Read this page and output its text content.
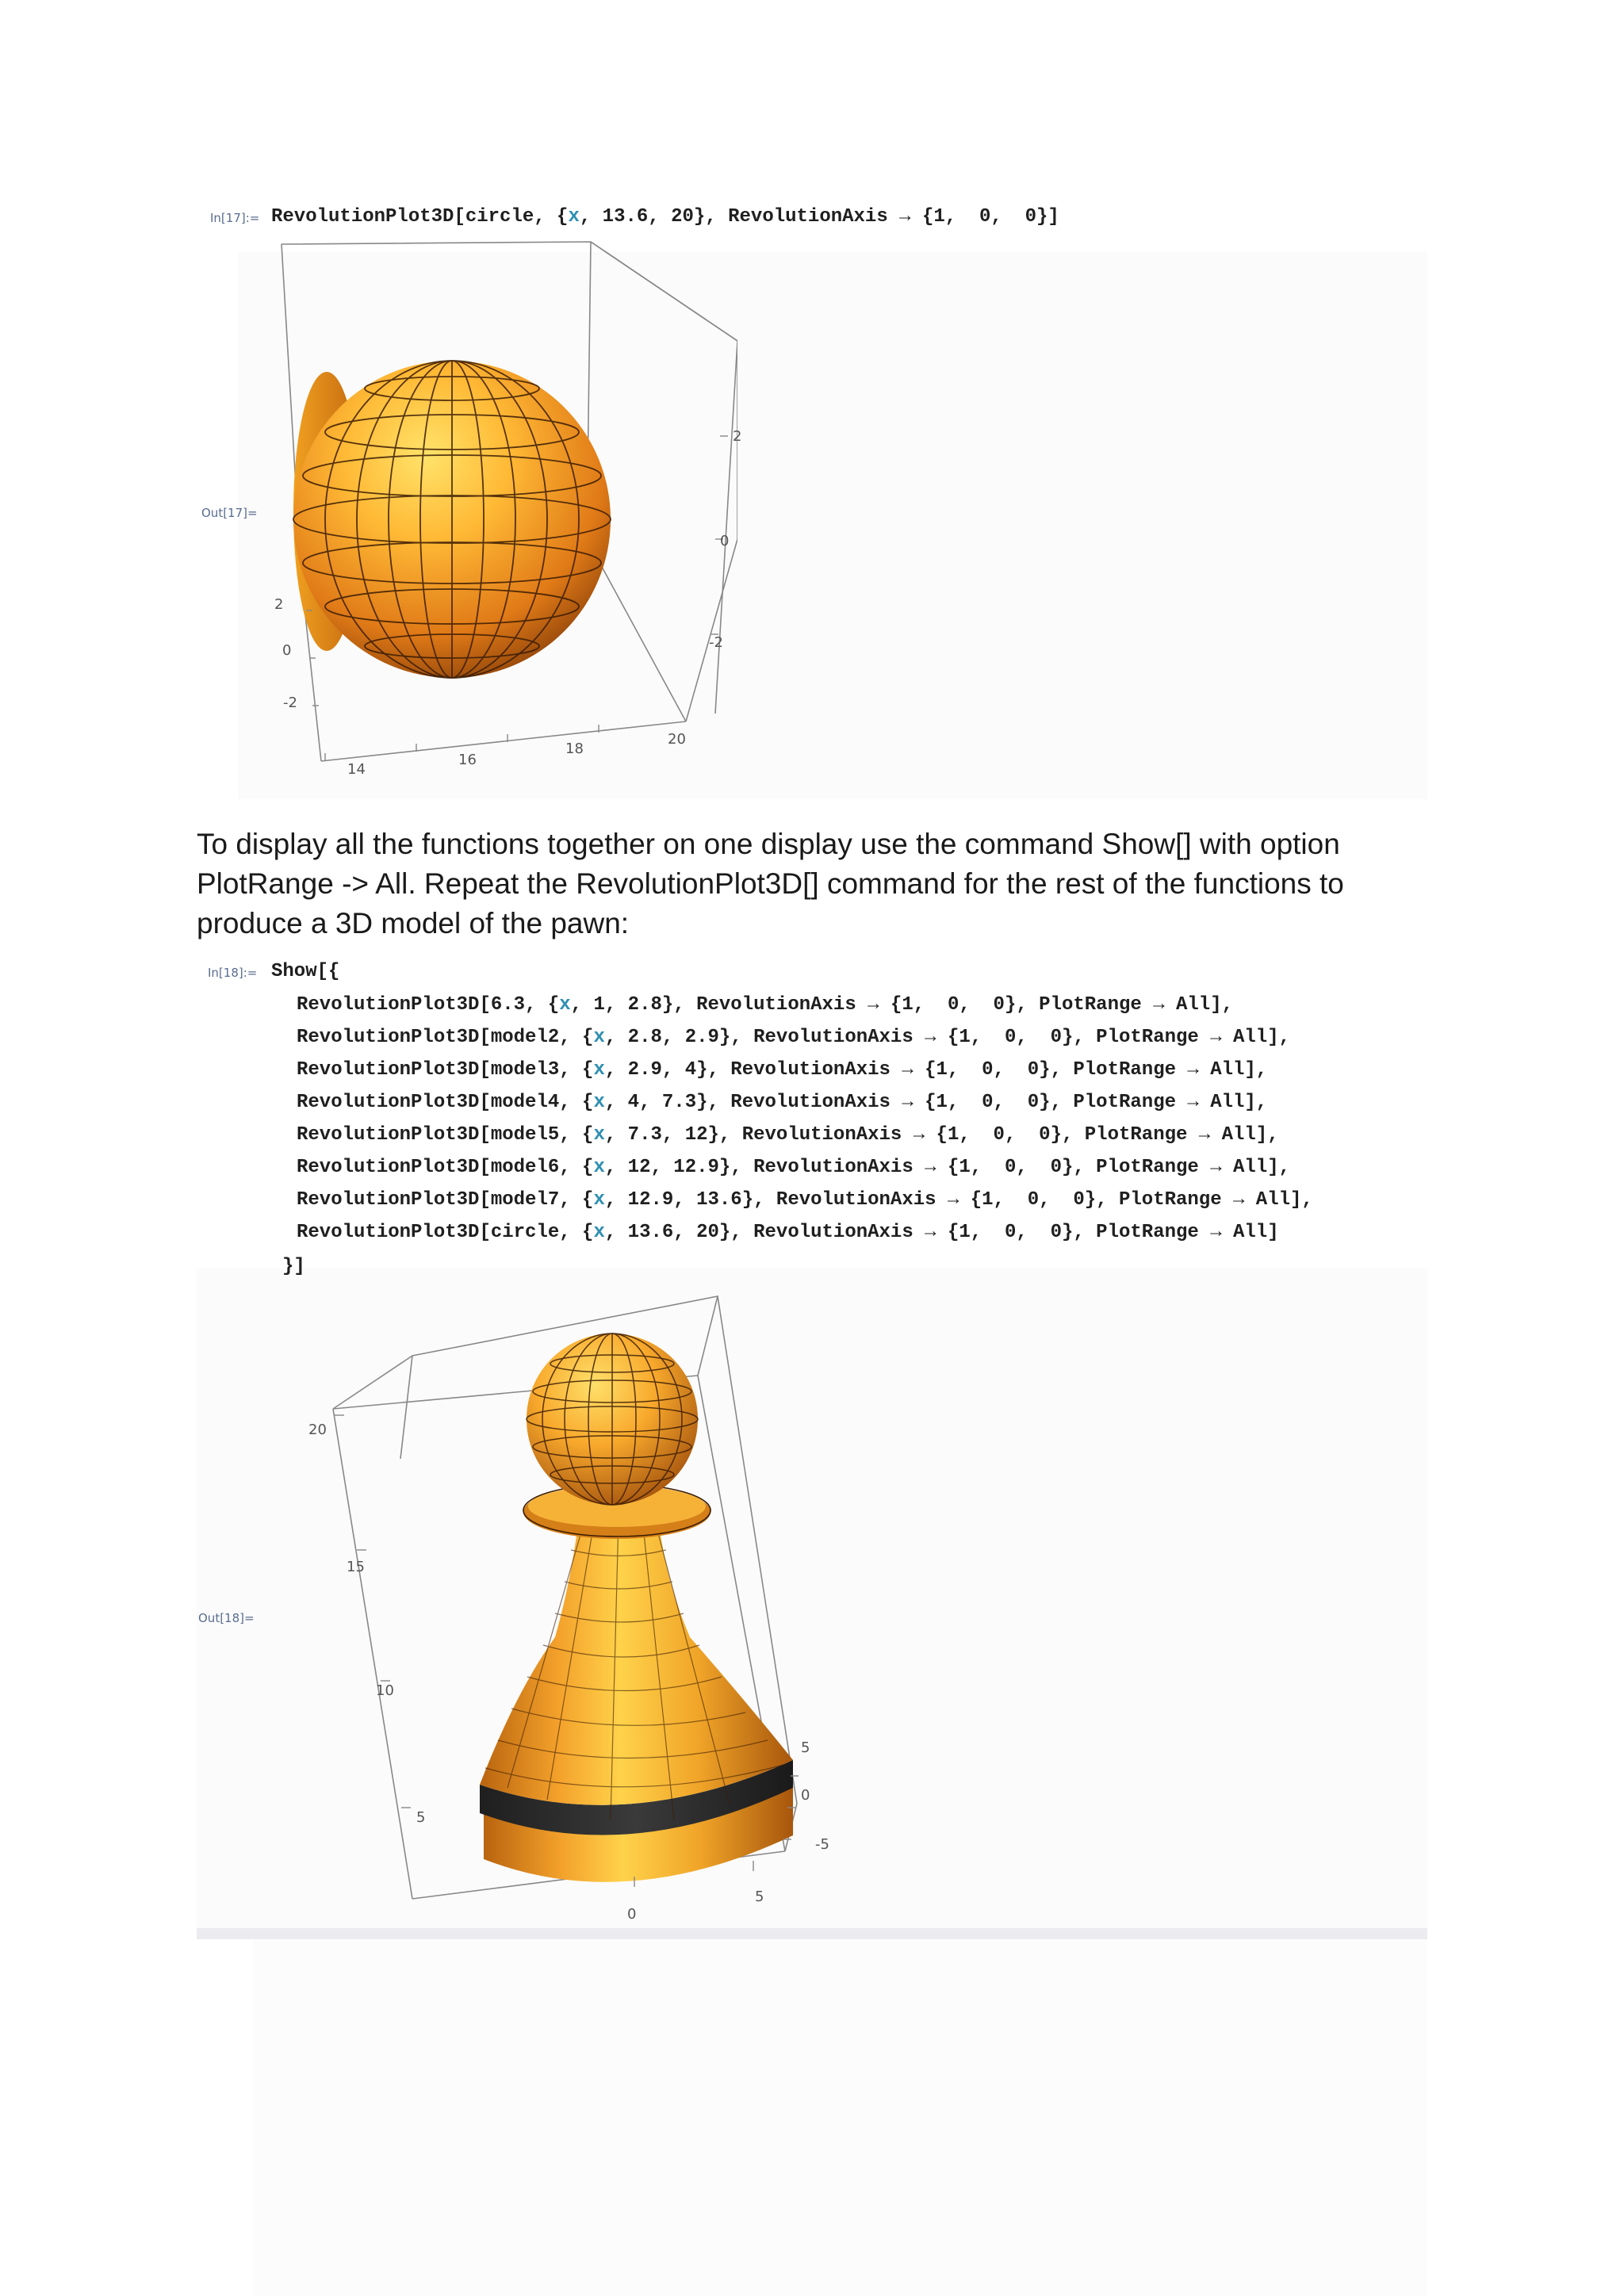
In[17]:= RevolutionPlot3D[circle, {x, 13.6, 20}, RevolutionAxis → {1,  0,  0}]
Out[17]=
2
0
-2
14
16
18
20
2
0
-2
To display all the functions together on one display use the command Show[] with option PlotRange -> All. Repeat the RevolutionPlot3D[] command for the rest of the functions to produce a 3D model of the pawn:
In[18]:= Show[{
RevolutionPlot3D[6.3, {x, 1, 2.8}, RevolutionAxis → {1,  0,  0}, PlotRange → All],
RevolutionPlot3D[model2, {x, 2.8, 2.9}, RevolutionAxis → {1,  0,  0}, PlotRange → All],
RevolutionPlot3D[model3, {x, 2.9, 4}, RevolutionAxis → {1,  0,  0}, PlotRange → All],
RevolutionPlot3D[model4, {x, 4, 7.3}, RevolutionAxis → {1,  0,  0}, PlotRange → All],
RevolutionPlot3D[model5, {x, 7.3, 12}, RevolutionAxis → {1,  0,  0}, PlotRange → All],
RevolutionPlot3D[model6, {x, 12, 12.9}, RevolutionAxis → {1,  0,  0}, PlotRange → All],
RevolutionPlot3D[model7, {x, 12.9, 13.6}, RevolutionAxis → {1,  0,  0}, PlotRange → All],
RevolutionPlot3D[circle, {x, 13.6, 20}, RevolutionAxis → {1,  0,  0}, PlotRange → All]
}]
Out[18]=
20
15
10
5
0
5
5
0
-5
